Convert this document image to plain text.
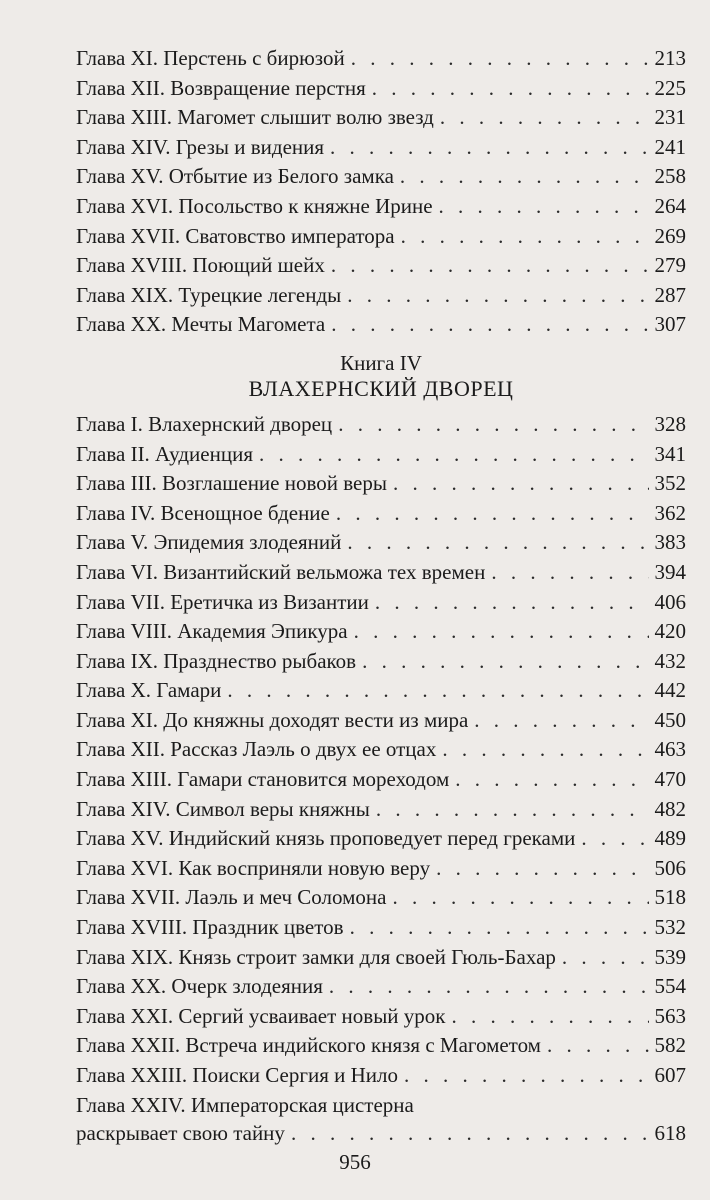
Глава XI. Перстень с бирюзой . . .	213
Глава XII. Возвращение перстня . . .	225
Глава XIII. Магомет слышит волю звезд . . .	231
Глава XIV. Грезы и видения . . .	241
Глава XV. Отбытие из Белого замка . . .	258
Глава XVI. Посольство к княжне Ирине . . .	264
Глава XVII. Сватовство императора . . .	269
Глава XVIII. Поющий шейх . . .	279
Глава XIX. Турецкие легенды . . .	287
Глава XX. Мечты Магомета . . .	307
Книга IV
ВЛАХЕРНСКИЙ ДВОРЕЦ
Глава I. Влахернский дворец . . .	328
Глава II. Аудиенция . . .	341
Глава III. Возглашение новой веры . . .	352
Глава IV. Всенощное бдение . . .	362
Глава V. Эпидемия злодеяний . . .	383
Глава VI. Византийский вельможа тех времен . . .	394
Глава VII. Еретичка из Византии . . .	406
Глава VIII. Академия Эпикура . . .	420
Глава IX. Празднество рыбаков . . .	432
Глава X. Гамари . . .	442
Глава XI. До княжны доходят вести из мира . . .	450
Глава XII. Рассказ Лаэль о двух ее отцах . . .	463
Глава XIII. Гамари становится мореходом . . .	470
Глава XIV. Символ веры княжны . . .	482
Глава XV. Индийский князь проповедует перед греками . . .	489
Глава XVI. Как восприняли новую веру . . .	506
Глава XVII. Лаэль и меч Соломона . . .	518
Глава XVIII. Праздник цветов . . .	532
Глава XIX. Князь строит замки для своей Гюль-Бахар . . .	539
Глава XX. Очерк злодеяния . . .	554
Глава XXI. Сергий усваивает новый урок . . .	563
Глава XXII. Встреча индийского князя с Магометом . . .	582
Глава XXIII. Поиски Сергия и Нило . . .	607
Глава XXIV. Императорская цистерна
раскрывает свою тайну . . .	618
956
